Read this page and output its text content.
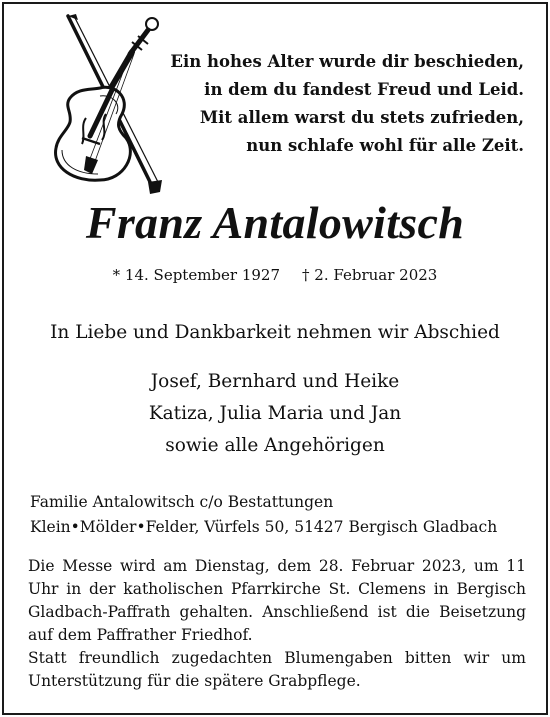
Ein hohes Alter wurde dir beschieden,
in dem du fandest Freud und Leid.
Mit allem warst du stets zufrieden,
nun schlafe wohl für alle Zeit.
Franz Antalowitsch
* 14. September 1927 † 2. Februar 2023
In Liebe und Dankbarkeit nehmen wir Abschied
Josef, Bernhard und Heike
Katiza, Julia Maria und Jan
sowie alle Angehörigen
Familie Antalowitsch c/o Bestattungen
Klein•Mölder•Felder, Vürfels 50, 51427 Bergisch Gladbach

Die Messe wird am Dienstag, dem 28. Februar 2023, um 11 Uhr in der katholischen Pfarrkirche St. Clemens in Bergisch Gladbach-Paffrath gehalten. Anschließend ist die Beisetzung auf dem Paffrather Friedhof.

Statt freundlich zugedachten Blumengaben bitten wir um Unterstützung für die spätere Grabpflege.
